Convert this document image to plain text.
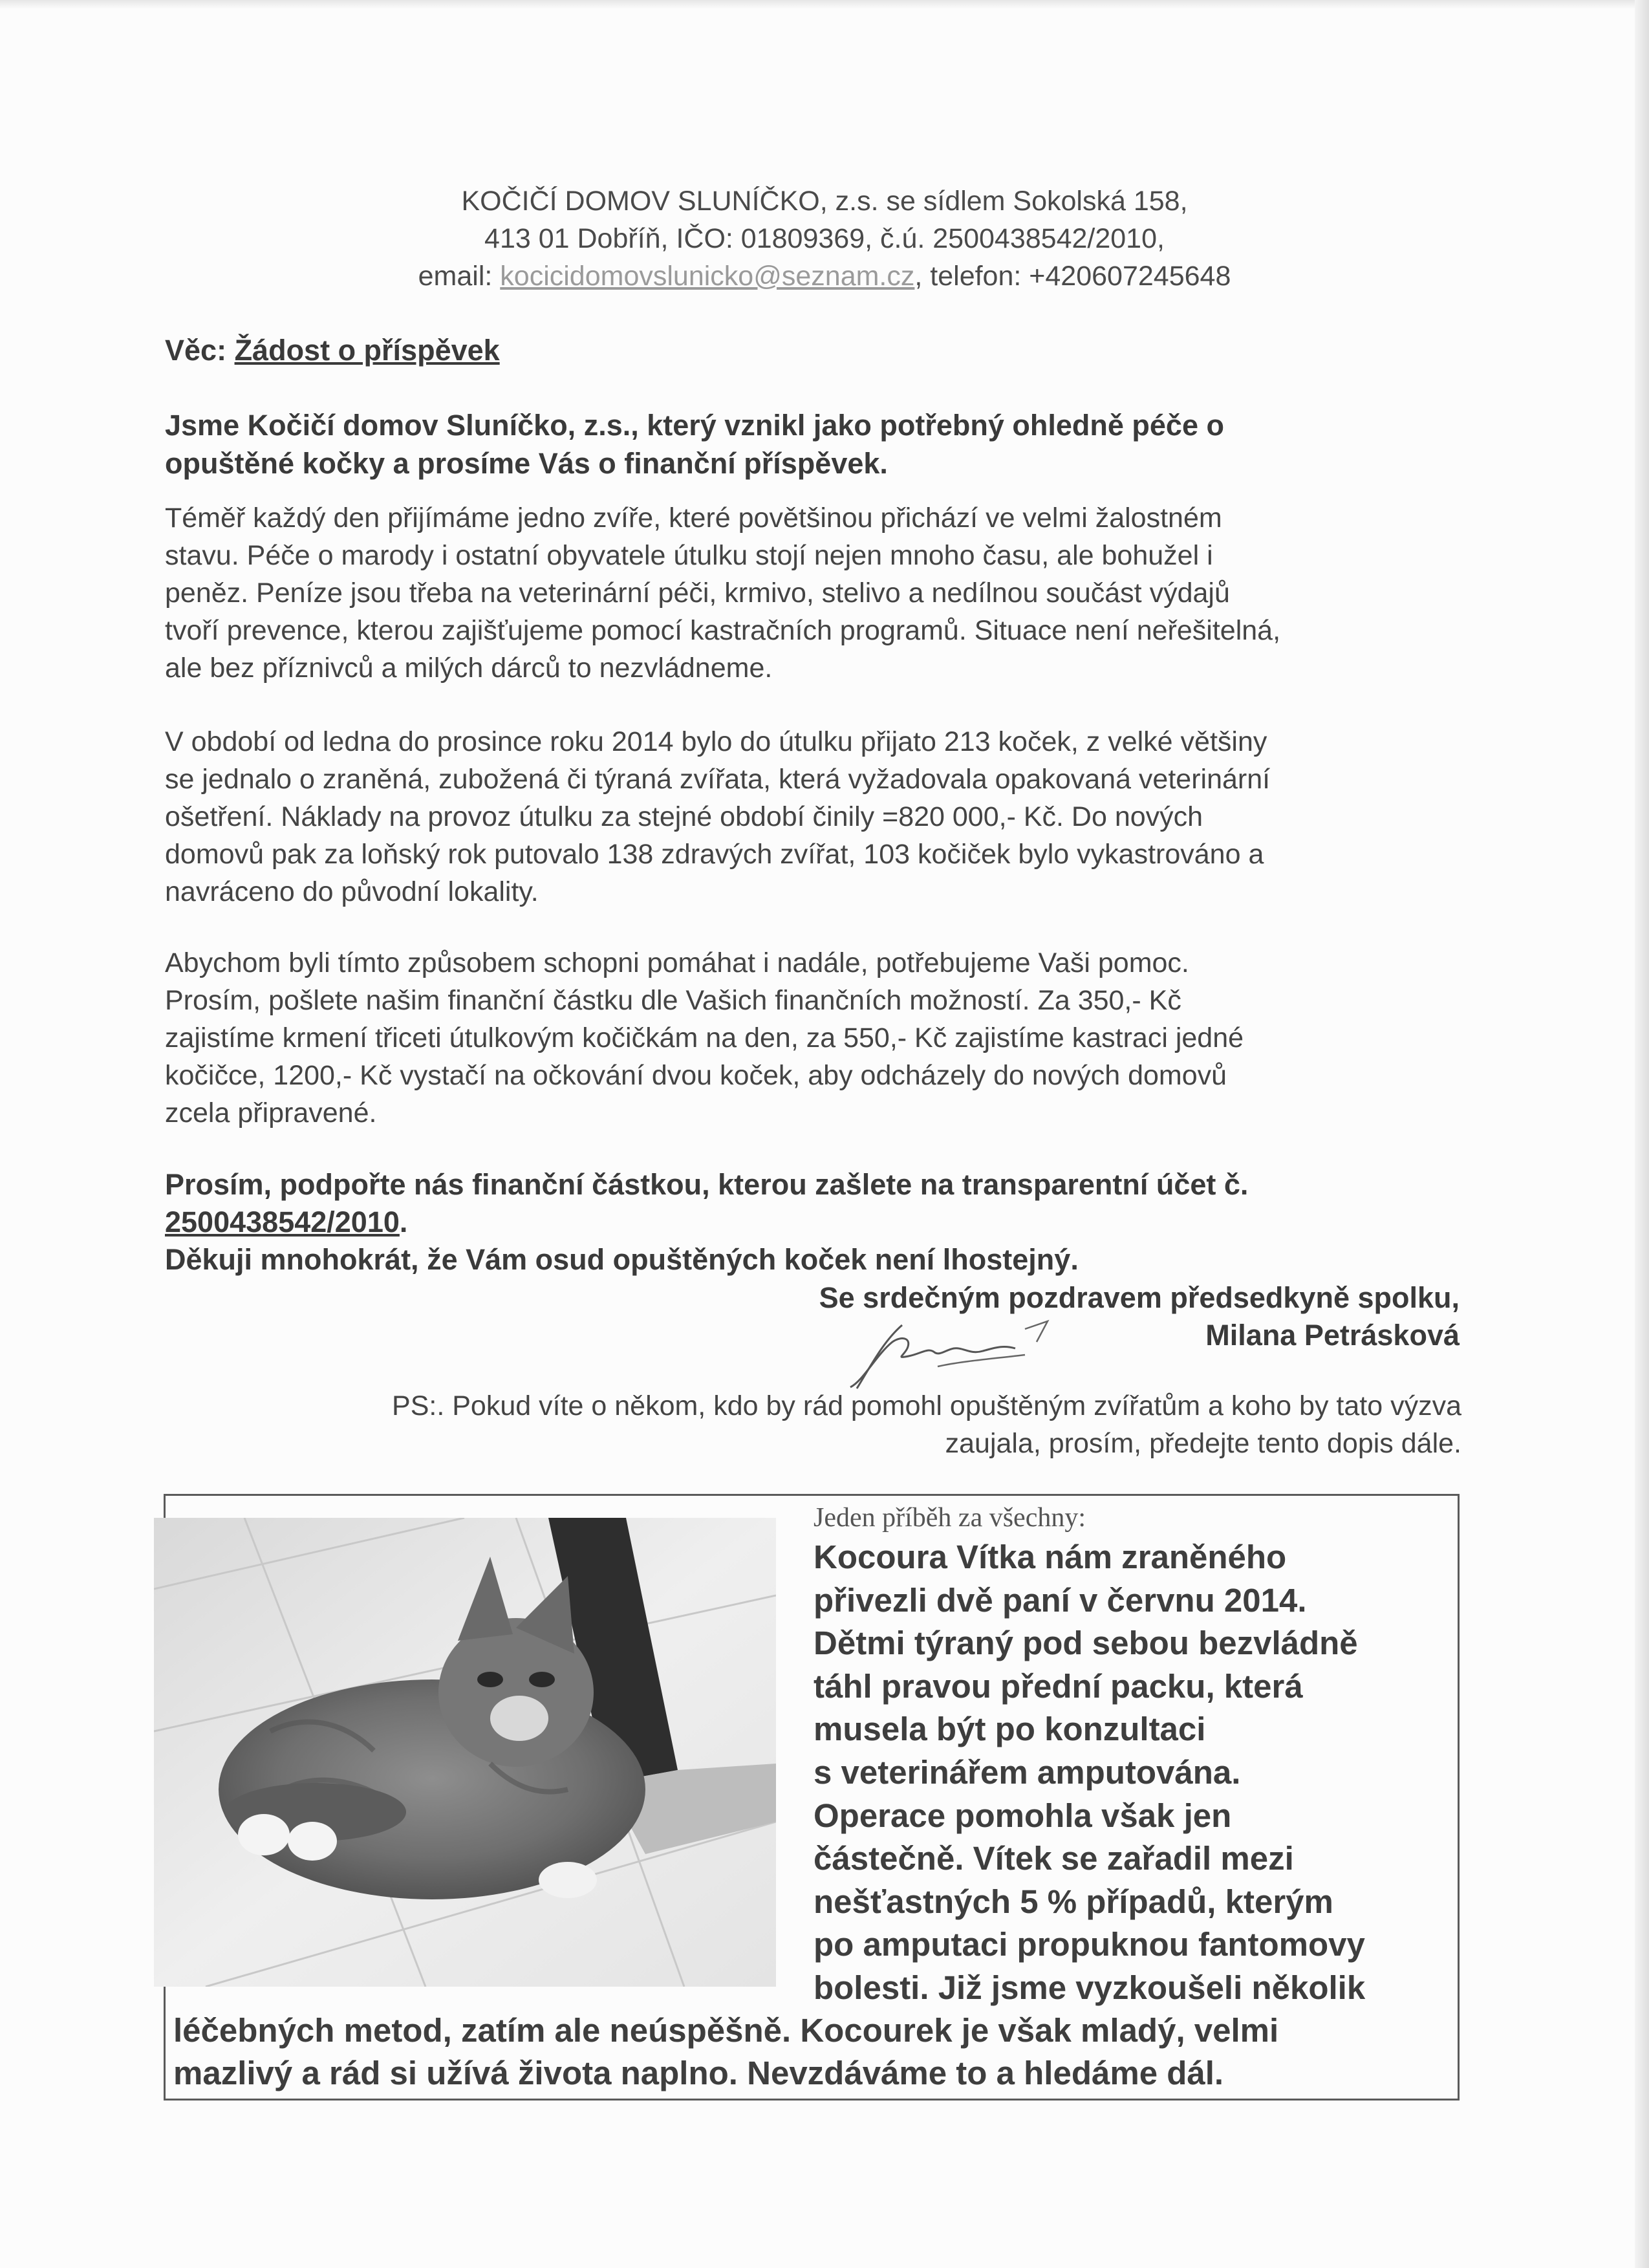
KOČIČÍ DOMOV SLUNÍČKO, z.s. se sídlem Sokolská 158,
413 01 Dobříň, IČO: 01809369, č.ú. 2500438542/2010,
email: kocicidomovslunicko@seznam.cz, telefon: +420607245648
Věc: Žádost o příspěvek
Jsme Kočičí domov Sluníčko, z.s., který vznikl jako potřebný ohledně péče o
opuštěné kočky a prosíme Vás o finanční příspěvek.
Téměř každý den přijímáme jedno zvíře, které povětšinou přichází ve velmi žalostném
stavu. Péče o marody i ostatní obyvatele útulku stojí nejen mnoho času, ale bohužel i
peněz. Peníze jsou třeba na veterinární péči, krmivo, stelivo a nedílnou součást výdajů
tvoří prevence, kterou zajišťujeme pomocí kastračních programů. Situace není neřešitelná,
ale bez příznivců a milých dárců to nezvládneme.
V období od ledna do prosince roku 2014 bylo do útulku přijato 213 koček, z velké většiny
se jednalo o zraněná, zubožená či týraná zvířata, která vyžadovala opakovaná veterinární
ošetření. Náklady na provoz útulku za stejné období činily =820 000,- Kč. Do nových
domovů pak za loňský rok putovalo 138 zdravých zvířat, 103 kočiček bylo vykastrováno a
navráceno do původní lokality.
Abychom byli tímto způsobem schopni pomáhat i nadále, potřebujeme Vaši pomoc.
Prosím, pošlete našim finanční částku dle Vašich finančních možností. Za 350,- Kč
zajistíme krmení třiceti útulkovým kočičkám na den, za 550,- Kč zajistíme kastraci jedné
kočičce, 1200,- Kč vystačí na očkování dvou koček, aby odcházely do nových domovů
zcela připravené.
Prosím, podpořte nás finanční částkou, kterou zašlete na transparentní účet č.
2500438542/2010.
Děkuji mnohokrát, že Vám osud opuštěných koček není lhostejný.
Se srdečným pozdravem předsedkyně spolku,
Milana Petrásková
PS:. Pokud víte o někom, kdo by rád pomohl opuštěným zvířatům a koho by tato výzva
zaujala, prosím, předejte tento dopis dále.
Jeden příběh za všechny:
Kocoura Vítka nám zraněného
přivezli dvě paní v červnu 2014.
Dětmi týraný pod sebou bezvládně
táhl pravou přední packu, která
musela být po konzultaci
s veterinářem amputována.
Operace pomohla však jen
částečně. Vítek se zařadil mezi
nešťastných 5 % případů, kterým
po amputaci propuknou fantomovy
bolesti. Již jsme vyzkoušeli několik
léčebných metod, zatím ale neúspěšně. Kocourek je však mladý, velmi
mazlivý a rád si užívá života naplno. Nevzdáváme to a hledáme dál.
